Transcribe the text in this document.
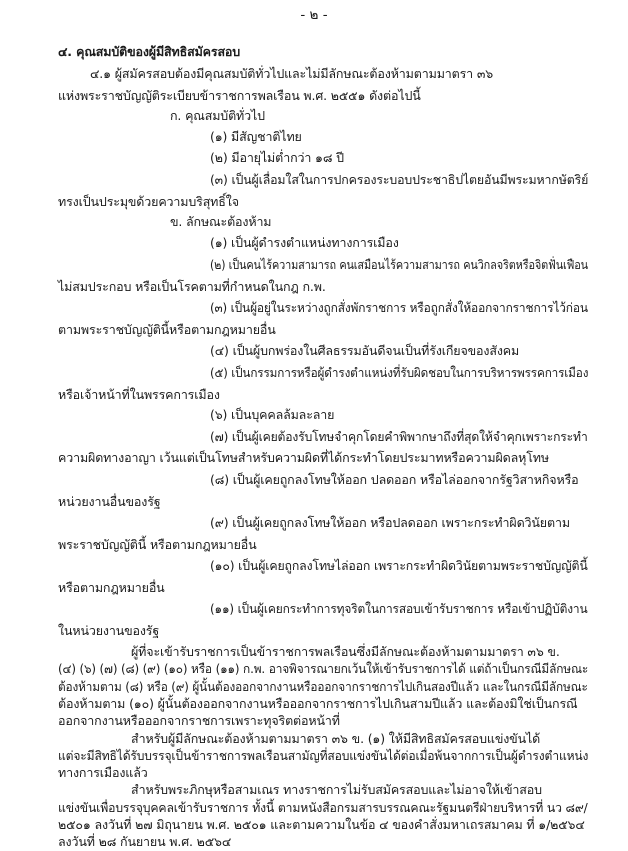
- ๒ -
๔. คุณสมบัติของผู้มีสิทธิสมัครสอบ
๔.๑ ผู้สมัครสอบต้องมีคุณสมบัติทั่วไปและไม่มีลักษณะต้องห้ามตามมาตรา ๓๖
แห่งพระราชบัญญัติระเบียบข้าราชการพลเรือน พ.ศ. ๒๕๕๑ ดังต่อไปนี้
ก. คุณสมบัติทั่วไป
(๑) มีสัญชาติไทย
(๒) มีอายุไม่ต่ำกว่า ๑๘ ปี
(๓) เป็นผู้เลื่อมใสในการปกครองระบอบประชาธิปไตยอันมีพระมหากษัตริย์
ทรงเป็นประมุขด้วยความบริสุทธิ์ใจ
ข. ลักษณะต้องห้าม
(๑) เป็นผู้ดำรงตำแหน่งทางการเมือง
(๒) เป็นคนไร้ความสามารถ คนเสมือนไร้ความสามารถ คนวิกลจริตหรือจิตฟั่นเฟือน
ไม่สมประกอบ หรือเป็นโรคตามที่กำหนดในกฎ ก.พ.
(๓) เป็นผู้อยู่ในระหว่างถูกสั่งพักราชการ หรือถูกสั่งให้ออกจากราชการไว้ก่อน
ตามพระราชบัญญัตินี้หรือตามกฎหมายอื่น
(๔) เป็นผู้บกพร่องในศีลธรรมอันดีจนเป็นที่รังเกียจของสังคม
(๕) เป็นกรรมการหรือผู้ดำรงตำแหน่งที่รับผิดชอบในการบริหารพรรคการเมือง
หรือเจ้าหน้าที่ในพรรคการเมือง
(๖) เป็นบุคคลล้มละลาย
(๗) เป็นผู้เคยต้องรับโทษจำคุกโดยคำพิพากษาถึงที่สุดให้จำคุกเพราะกระทำ
ความผิดทางอาญา เว้นแต่เป็นโทษสำหรับความผิดที่ได้กระทำโดยประมาทหรือความผิดลหุโทษ
(๘) เป็นผู้เคยถูกลงโทษให้ออก ปลดออก หรือไล่ออกจากรัฐวิสาหกิจหรือ
หน่วยงานอื่นของรัฐ
(๙) เป็นผู้เคยถูกลงโทษให้ออก หรือปลดออก เพราะกระทำผิดวินัยตาม
พระราชบัญญัตินี้ หรือตามกฎหมายอื่น
(๑๐) เป็นผู้เคยถูกลงโทษไล่ออก เพราะกระทำผิดวินัยตามพระราชบัญญัตินี้
หรือตามกฎหมายอื่น
(๑๑) เป็นผู้เคยกระทำการทุจริตในการสอบเข้ารับราชการ หรือเข้าปฏิบัติงาน
ในหน่วยงานของรัฐ
ผู้ที่จะเข้ารับราชการเป็นข้าราชการพลเรือนซึ่งมีลักษณะต้องห้ามตามมาตรา ๓๖ ข.
(๔) (๖) (๗) (๘) (๙) (๑๐) หรือ (๑๑) ก.พ. อาจพิจารณายกเว้นให้เข้ารับราชการได้ แต่ถ้าเป็นกรณีมีลักษณะ
ต้องห้ามตาม (๘) หรือ (๙) ผู้นั้นต้องออกจากงานหรือออกจากราชการไปเกินสองปีแล้ว และในกรณีมีลักษณะ
ต้องห้ามตาม (๑๐) ผู้นั้นต้องออกจากงานหรือออกจากราชการไปเกินสามปีแล้ว และต้องมิใช่เป็นกรณี
ออกจากงานหรือออกจากราชการเพราะทุจริตต่อหน้าที่
สำหรับผู้มีลักษณะต้องห้ามตามมาตรา ๓๖ ข. (๑) ให้มีสิทธิสมัครสอบแข่งขันได้
แต่จะมีสิทธิได้รับบรรจุเป็นข้าราชการพลเรือนสามัญที่สอบแข่งขันได้ต่อเมื่อพ้นจากการเป็นผู้ดำรงตำแหน่ง
ทางการเมืองแล้ว
สำหรับพระภิกษุหรือสามเณร ทางราชการไม่รับสมัครสอบและไม่อาจให้เข้าสอบ
แข่งขันเพื่อบรรจุบุคคลเข้ารับราชการ ทั้งนี้ ตามหนังสือกรมสารบรรณคณะรัฐมนตรีฝ่ายบริหารที่ นว ๘๙/
๒๕๐๑ ลงวันที่ ๒๗ มิถุนายน พ.ศ. ๒๕๐๑ และตามความในข้อ ๔ ของคำสั่งมหาเถรสมาคม ที่ ๑/๒๕๖๔
ลงวันที่ ๒๘ กันยายน พ.ศ. ๒๕๖๔
